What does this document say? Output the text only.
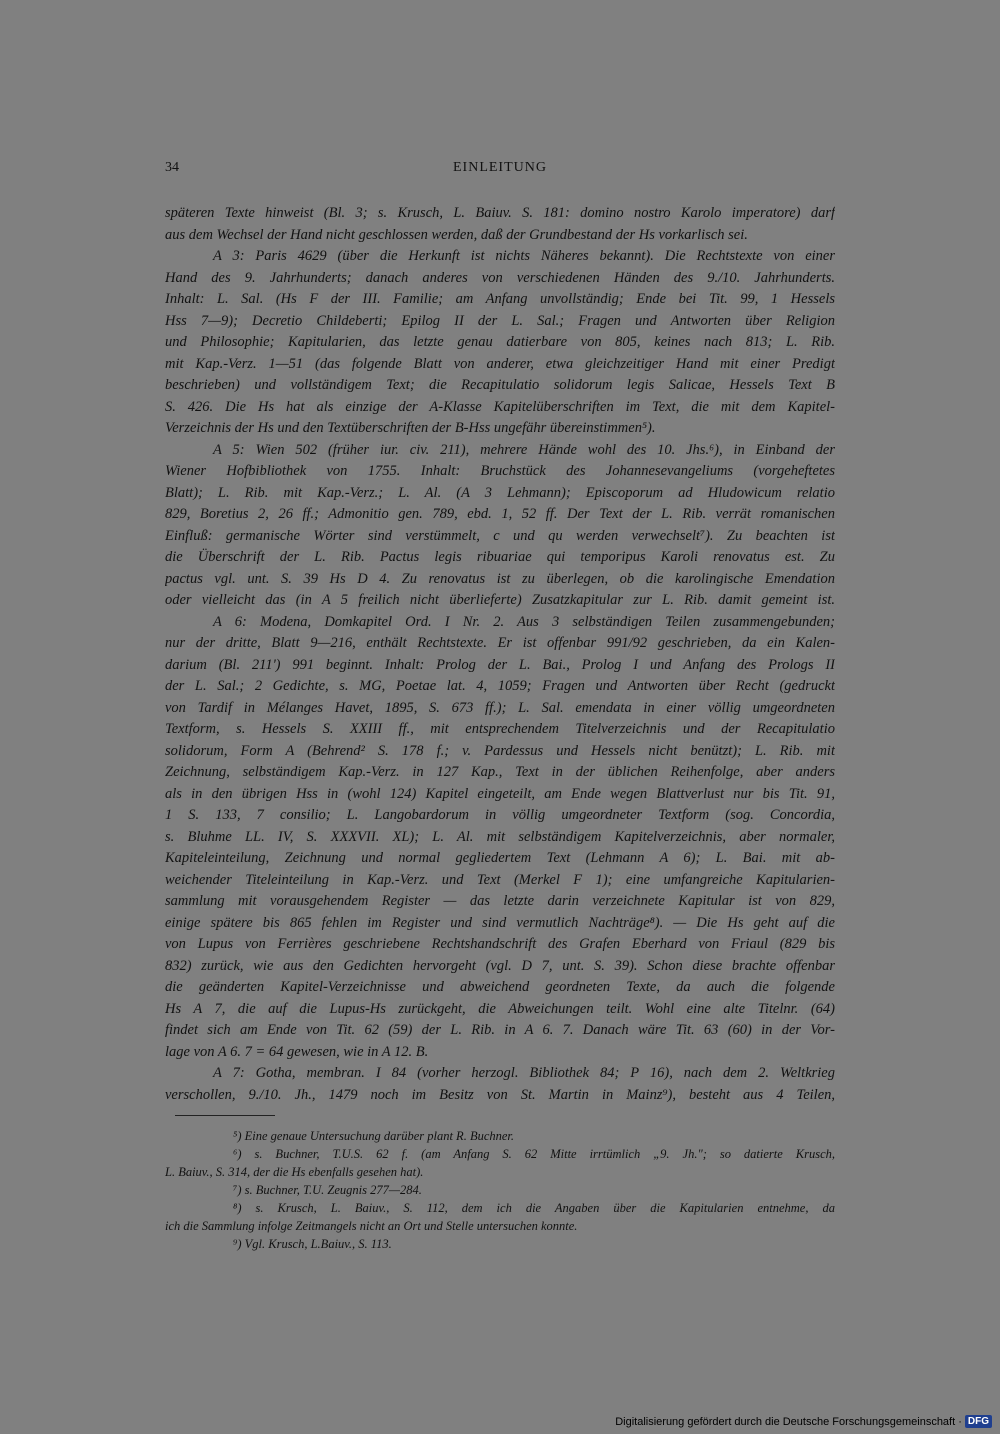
34	EINLEITUNG
späteren Texte hinweist (Bl. 3; s. Krusch, L. Baiuv. S. 181: domino nostro Karolo imperatore) darf
aus dem Wechsel der Hand nicht geschlossen werden, daß der Grundbestand der Hs vorkarlisch sei.
A 3: Paris 4629 (über die Herkunft ist nichts Näheres bekannt). Die Rechtstexte von einer
Hand des 9. Jahrhunderts; danach anderes von verschiedenen Händen des 9./10. Jahrhunderts.
Inhalt: L. Sal. (Hs F der III. Familie; am Anfang unvollständig; Ende bei Tit. 99, 1 Hessels
Hss 7—9); Decretio Childeberti; Epilog II der L. Sal.; Fragen und Antworten über Religion
und Philosophie; Kapitularien, das letzte genau datierbare von 805, keines nach 813; L. Rib.
mit Kap.-Verz. 1—51 (das folgende Blatt von anderer, etwa gleichzeitiger Hand mit einer Predigt
beschrieben) und vollständigem Text; die Recapitulatio solidorum legis Salicae, Hessels Text B
S. 426. Die Hs hat als einzige der A-Klasse Kapitelüberschriften im Text, die mit dem Kapitel-
Verzeichnis der Hs und den Textüberschriften der B-Hss ungefähr übereinstimmen⁵).
A 5: Wien 502 (früher iur. civ. 211), mehrere Hände wohl des 10. Jhs.⁶), in Einband der
Wiener Hofbibliothek von 1755. Inhalt: Bruchstück des Johannesevangeliums (vorgeheftetes
Blatt); L. Rib. mit Kap.-Verz.; L. Al. (A 3 Lehmann); Episcoporum ad Hludowicum relatio
829, Boretius 2, 26 ff.; Admonitio gen. 789, ebd. 1, 52 ff. Der Text der L. Rib. verrät romanischen
Einfluß: germanische Wörter sind verstümmelt, c und qu werden verwechselt⁷). Zu beachten ist
die Überschrift der L. Rib. Pactus legis ribuariae qui temporipus Karoli renovatus est. Zu
pactus vgl. unt. S. 39 Hs D 4. Zu renovatus ist zu überlegen, ob die karolingische Emendation
oder vielleicht das (in A 5 freilich nicht überlieferte) Zusatzkapitular zur L. Rib. damit gemeint ist.
A 6: Modena, Domkapitel Ord. I Nr. 2. Aus 3 selbständigen Teilen zusammengebunden;
nur der dritte, Blatt 9—216, enthält Rechtstexte. Er ist offenbar 991/92 geschrieben, da ein Kalen-
darium (Bl. 211') 991 beginnt. Inhalt: Prolog der L. Bai., Prolog I und Anfang des Prologs II
der L. Sal.; 2 Gedichte, s. MG, Poetae lat. 4, 1059; Fragen und Antworten über Recht (gedruckt
von Tardif in Mélanges Havet, 1895, S. 673 ff.); L. Sal. emendata in einer völlig umgeordneten
Textform, s. Hessels S. XXIII ff., mit entsprechendem Titelverzeichnis und der Recapitulatio
solidorum, Form A (Behrend² S. 178 f.; v. Pardessus und Hessels nicht benützt); L. Rib. mit
Zeichnung, selbständigem Kap.-Verz. in 127 Kap., Text in der üblichen Reihenfolge, aber anders
als in den übrigen Hss in (wohl 124) Kapitel eingeteilt, am Ende wegen Blattverlust nur bis Tit. 91,
1 S. 133, 7 consilio; L. Langobardorum in völlig umgeordneter Textform (sog. Concordia,
s. Bluhme LL. IV, S. XXXVII. XL); L. Al. mit selbständigem Kapitelverzeichnis, aber normaler,
Kapiteleinteilung, Zeichnung und normal gegliedertem Text (Lehmann A 6); L. Bai. mit ab-
weichender Titeleinteilung in Kap.-Verz. und Text (Merkel F 1); eine umfangreiche Kapitularien-
sammlung mit vorausgehendem Register — das letzte darin verzeichnete Kapitular ist von 829,
einige spätere bis 865 fehlen im Register und sind vermutlich Nachträge⁸). — Die Hs geht auf die
von Lupus von Ferrières geschriebene Rechtshandschrift des Grafen Eberhard von Friaul (829 bis
832) zurück, wie aus den Gedichten hervorgeht (vgl. D 7, unt. S. 39). Schon diese brachte offenbar
die geänderten Kapitel-Verzeichnisse und abweichend geordneten Texte, da auch die folgende
Hs A 7, die auf die Lupus-Hs zurückgeht, die Abweichungen teilt. Wohl eine alte Titelnr. (64)
findet sich am Ende von Tit. 62 (59) der L. Rib. in A 6. 7. Danach wäre Tit. 63 (60) in der Vor-
lage von A 6. 7 = 64 gewesen, wie in A 12. B.
A 7: Gotha, membran. I 84 (vorher herzogl. Bibliothek 84; P 16), nach dem 2. Weltkrieg
verschollen, 9./10. Jh., 1479 noch im Besitz von St. Martin in Mainz⁹), besteht aus 4 Teilen,
⁵) Eine genaue Untersuchung darüber plant R. Buchner.
⁶) s. Buchner, T.U.S. 62 f. (am Anfang S. 62 Mitte irrtümlich „9. Jh."; so datierte Krusch,
L. Baiuv., S. 314, der die Hs ebenfalls gesehen hat).
⁷) s. Buchner, T.U. Zeugnis 277—284.
⁸) s. Krusch, L. Baiuv., S. 112, dem ich die Angaben über die Kapitularien entnehme, da
ich die Sammlung infolge Zeitmangels nicht an Ort und Stelle untersuchen konnte.
⁹) Vgl. Krusch, L.Baiuv., S. 113.
Digitalisierung gefördert durch die Deutsche Forschungsgemeinschaft · DFG
